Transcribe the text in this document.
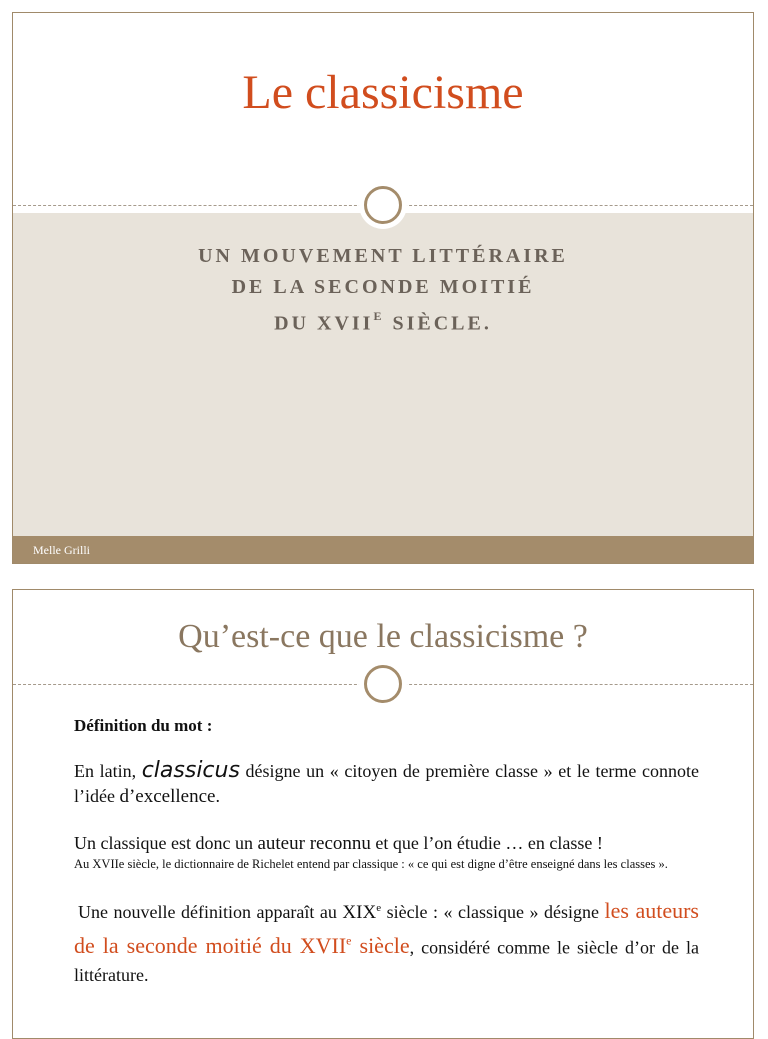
Le classicisme
UN MOUVEMENT LITTÉRAIRE
DE LA SECONDE MOITIÉ
DU $XVII^E$ SIÈCLE.
Melle Grilli
Qu’est-ce que le classicisme ?

Définition du mot :

En latin, classicus désigne un « citoyen de première classe » et le terme connote l’idée d’excellence.

Un classique est donc un auteur reconnu et que l’on étudie … en classe !

Au XVIIe siècle, le dictionnaire de Richelet entend par classique : « ce qui est digne d’être enseigné dans les classes ».

Une nouvelle définition apparaît au XIXe siècle : « classique » désigne les auteurs de la seconde moitié du XVIIe siècle, considéré comme le siècle d’or de la littérature.
